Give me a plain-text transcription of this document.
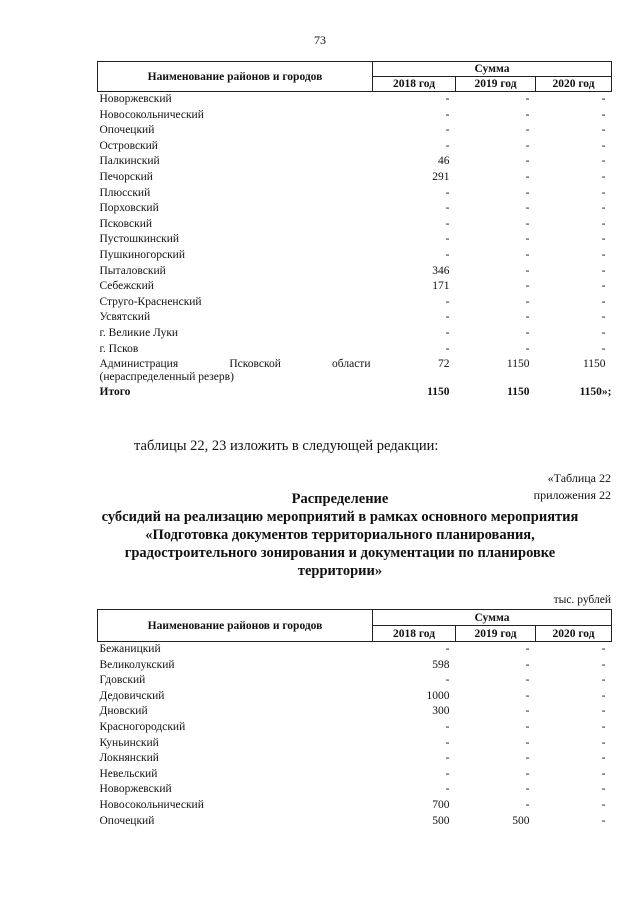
73
Наименование районов и городов	Сумма		
	2018 год	2019 год	2020 год
Новоржевский	-	-	-
Новосокольнический	-	-	-
Опочецкий	-	-	-
Островский	-	-	-
Палкинский	46	-	-
Печорский	291	-	-
Плюсский	-	-	-
Порховский	-	-	-
Псковский	-	-	-
Пустошкинский	-	-	-
Пушкиногорский	-	-	-
Пыталовский	346	-	-
Себежский	171	-	-
Струго-Красненский	-	-	-
Усвятский	-	-	-
г. Великие Луки	-	-	-
г. Псков	-	-	-

Администрация Псковской области
(нераспределенный резерв)	72	1150	1150
Итого	1150	1150	1150»;
таблицы 22, 23 изложить в следующей редакции:
«Таблица 22
приложения 22
Распределение
субсидий на реализацию мероприятий в рамках основного мероприятия
«Подготовка документов территориального планирования,
градостроительного зонирования и документации по планировке
территории»
тыс. рублей
Наименование районов и городов	Сумма		
	2018 год	2019 год	2020 год
Бежаницкий	-	-	-
Великолукский	598	-	-
Гдовский	-	-	-
Дедовичский	1000	-	-
Дновский	300	-	-
Красногородский	-	-	-
Куньинский	-	-	-
Локнянский	-	-	-
Невельский	-	-	-
Новоржевский	-	-	-
Новосокольнический	700	-	-
Опочецкий	500	500	-
